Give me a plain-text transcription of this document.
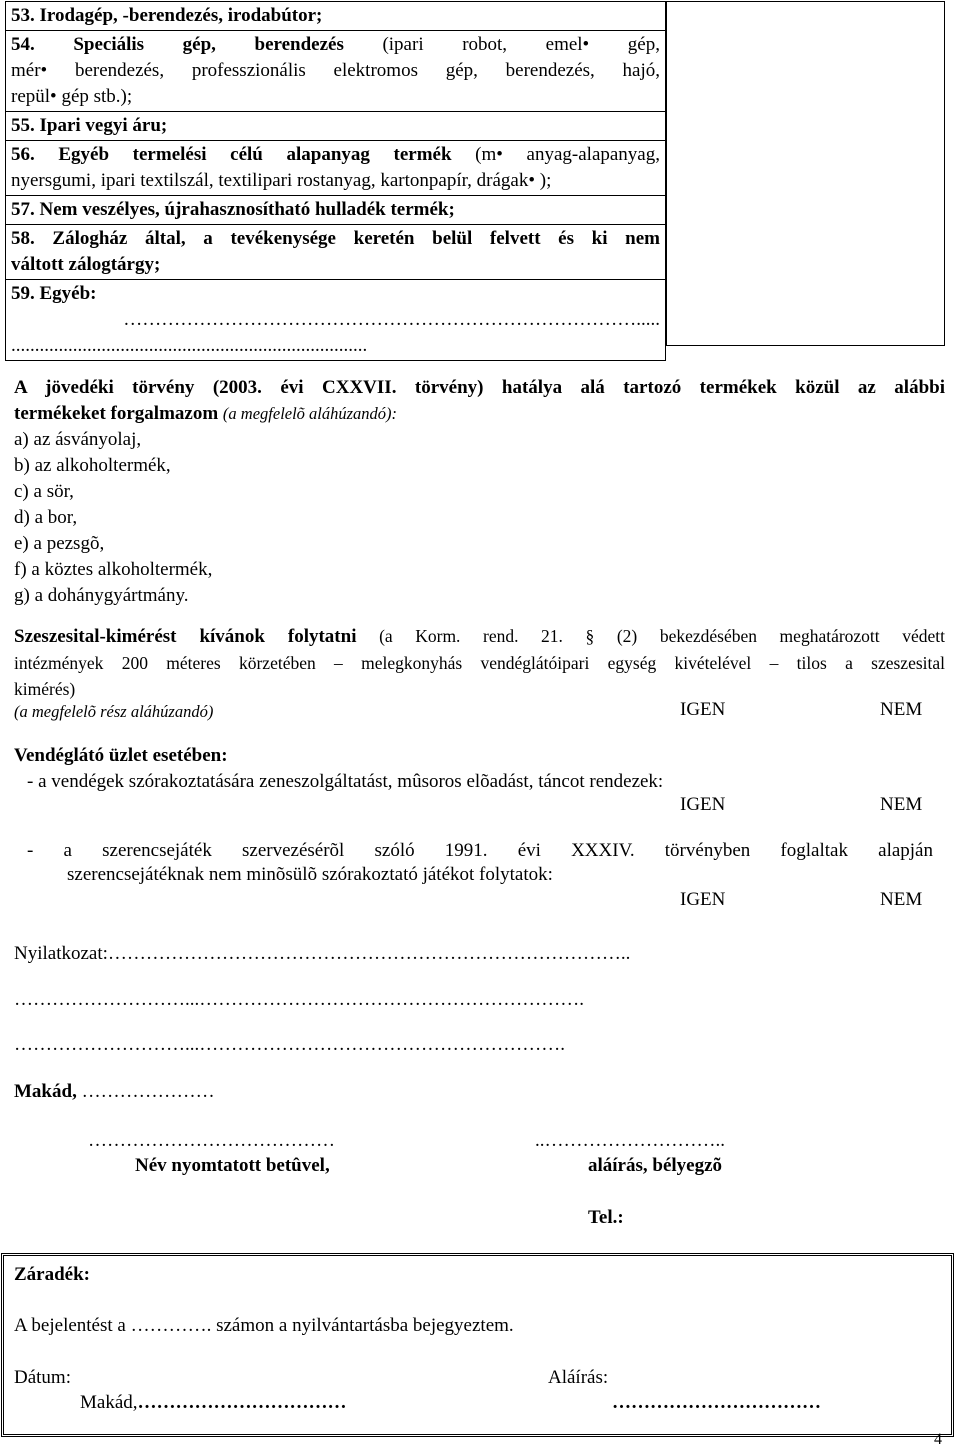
53. Irodagép, -berendezés, irodabútor;

54. Speciális gép, berendezés (ipari robot, emel• gép,
mér• berendezés, professzionális elektromos gép, berendezés, hajó,
repül• gép stb.);

55. Ipari vegyi áru;

56. Egyéb termelési célú alapanyag termék (m• anyag-alapanyag,
nyersgumi, ipari textilszál, textilipari rostanyag, kartonpapír, drágak• );

57. Nem veszélyes, újrahasznosítható hulladék termék;

58. Zálogház által, a tevékenysége keretén belül felvett és ki nem
váltott zálogtárgy;

59. Egyéb:
……………………………………………………………………….....
...........................................................................
A jövedéki törvény (2003. évi CXXVII. törvény) hatálya alá tartozó termékek közül az alábbi
termékeket forgalmazom (a megfelelõ aláhúzandó):
a) az ásványolaj,
b) az alkoholtermék,
c) a sör,
d) a bor,
e) a pezsgõ,
f) a köztes alkoholtermék,
g) a dohánygyártmány.
Szeszesital-kimérést kívánok folytatni (a Korm. rend. 21. § (2) bekezdésében meghatározott védett
intézmények 200 méteres körzetében – melegkonyhás vendéglátóipari egység kivételével – tilos a szeszesital
kimérés)
(a megfelelõ rész aláhúzandó)	IGEN	NEM
Vendéglátó üzlet esetében:
- a vendégek szórakoztatására zeneszolgáltatást, mûsoros elõadást, táncot rendezek:
IGEN	NEM
- a szerencsejáték szervezésérõl szóló 1991. évi XXXIV. törvényben foglaltak alapján
szerencsejátéknak nem minõsülõ szórakoztató játékot folytatok:
IGEN	NEM
Nyilatkozat:………………………………………………………………………..
………………………...…………………………………………………….
………………………...………………………………………………….
Makád, …………………
…………………………………	..………………………..
Név nyomtatott betûvel,	aláírás, bélyegzõ
Tel.:
Záradék:
A bejelentést a …………. számon a nyilvántartásba bejegyeztem.
Dátum:	Aláírás:
Makád,……………………………	……………………………
4
